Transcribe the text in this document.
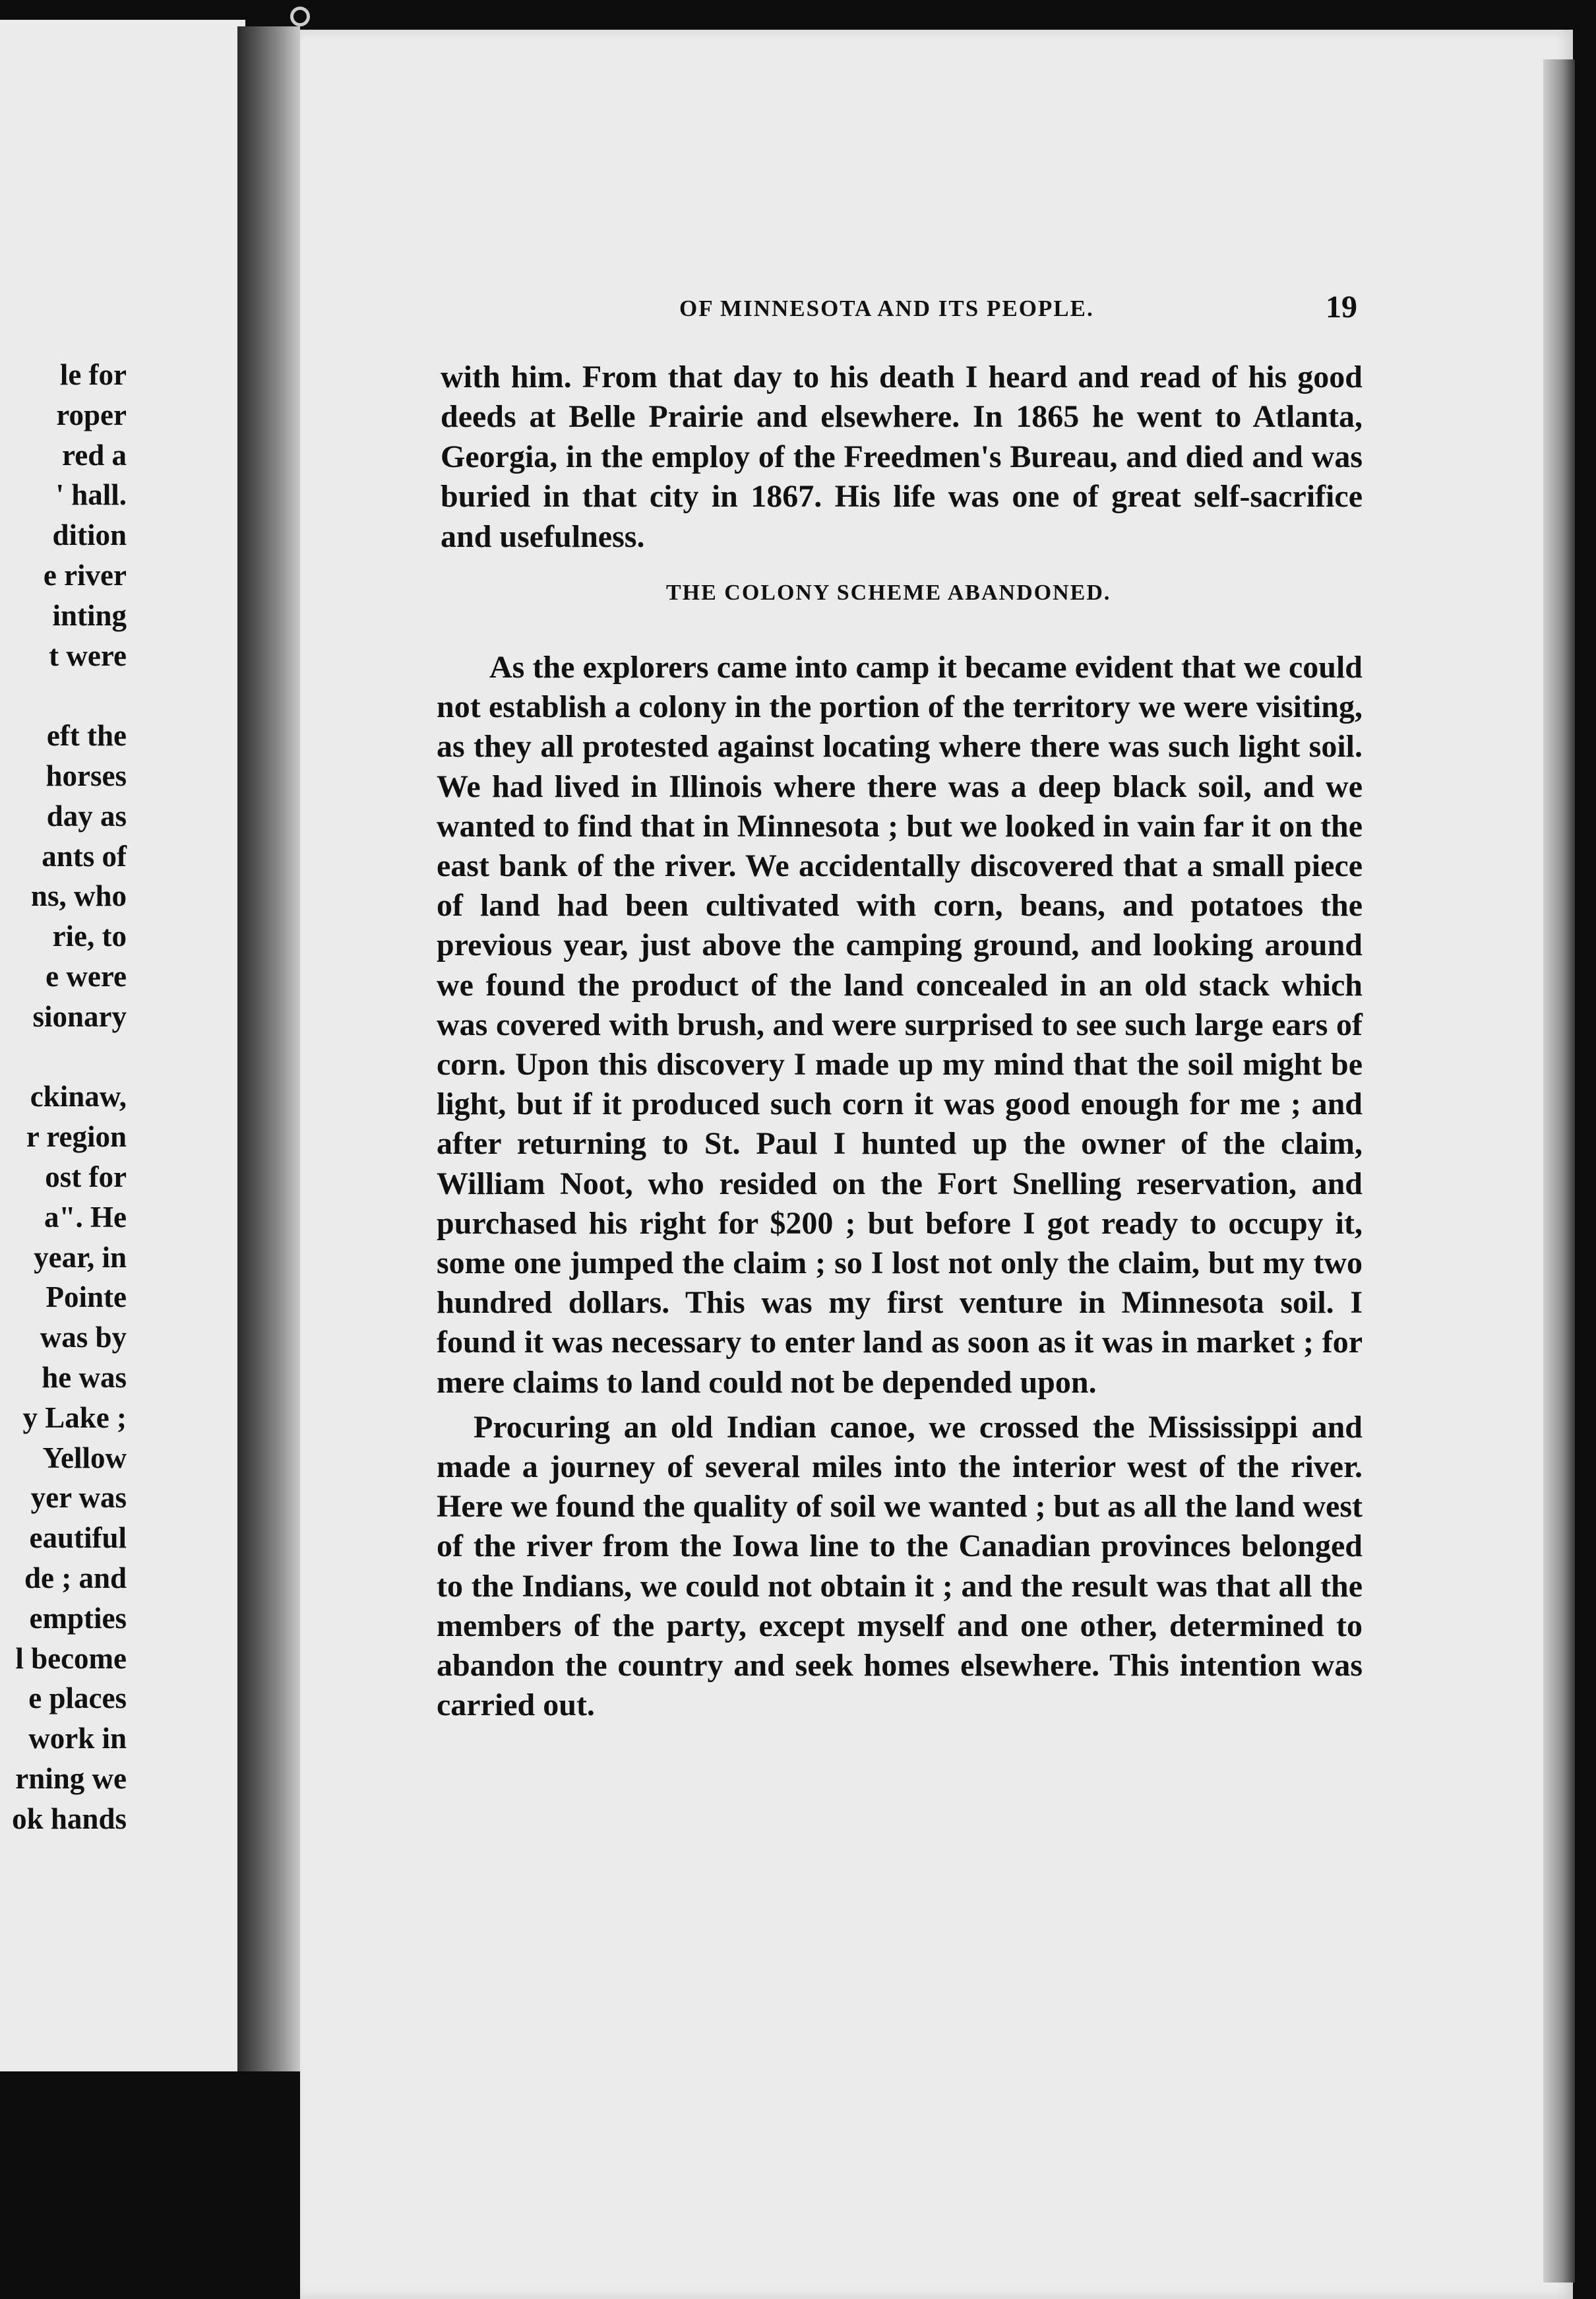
le for
roper
red a
' hall.
dition
e river
inting
t were
eft the
horses
day as
ants of
ns, who
rie, to
e were
sionary
ckinaw,
r region
ost for
a". He
year, in
Pointe
was by
he was
y Lake ;
Yellow
yer was
eautiful
de ; and
empties
l become
e places
work in
rning we
ok hands
OF MINNESOTA AND ITS PEOPLE.	19

with him. From that day to his death I heard and read of his good deeds at Belle Prairie and elsewhere. In 1865 he went to Atlanta, Georgia, in the employ of the Freedmen's Bureau, and died and was buried in that city in 1867. His life was one of great self-sacrifice and usefulness.

THE COLONY SCHEME ABANDONED.

As the explorers came into camp it became evident that we could not establish a colony in the portion of the territory we were visiting, as they all protested against locating where there was such light soil. We had lived in Illinois where there was a deep black soil, and we wanted to find that in Minnesota ; but we looked in vain far it on the east bank of the river. We accidentally discovered that a small piece of land had been cultivated with corn, beans, and potatoes the previous year, just above the camping ground, and looking around we found the product of the land concealed in an old stack which was covered with brush, and were surprised to see such large ears of corn. Upon this discovery I made up my mind that the soil might be light, but if it produced such corn it was good enough for me ; and after returning to St. Paul I hunted up the owner of the claim, William Noot, who resided on the Fort Snelling reservation, and purchased his right for $200 ; but before I got ready to occupy it, some one jumped the claim ; so I lost not only the claim, but my two hundred dollars. This was my first venture in Minnesota soil. I found it was necessary to enter land as soon as it was in market ; for mere claims to land could not be depended upon.

Procuring an old Indian canoe, we crossed the Mississippi and made a journey of several miles into the interior west of the river. Here we found the quality of soil we wanted ; but as all the land west of the river from the Iowa line to the Canadian provinces belonged to the Indians, we could not obtain it ; and the result was that all the members of the party, except myself and one other, determined to abandon the country and seek homes elsewhere. This intention was carried out.
